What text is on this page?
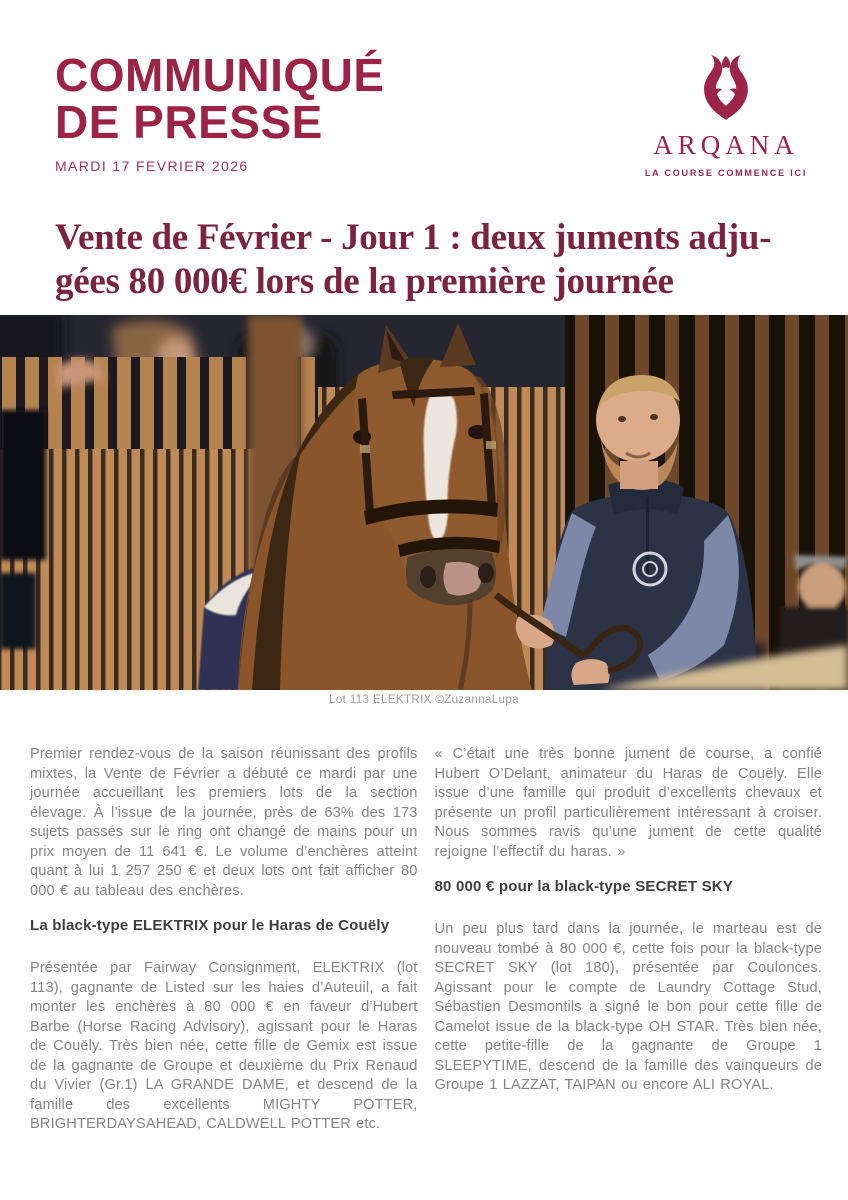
COMMUNIQUÉ
DE PRESSE
MARDI 17 FEVRIER 2026
ARQANA
LA COURSE COMMENCE ICI
Vente de Février - Jour 1 : deux juments adju-
gées 80 000€ lors de la première journée
Lot 113 ELEKTRIX ©ZuzannaLupa

Premier rendez-vous de la saison réunissant des profils mixtes, la Vente de Février a débuté ce mardi par une journée accueillant les premiers lots de la section élevage. À l’issue de la journée, près de 63% des 173 sujets passés sur le ring ont changé de mains pour un prix moyen de 11 641 €. Le volume d’enchères atteint quant à lui 1 257 250 € et deux lots ont fait afficher 80 000 € au tableau des enchères.

La black-type ELEKTRIX pour le Haras de Couëly

Présentée par Fairway Consignment, ELEKTRIX (lot 113), gagnante de Listed sur les haies d’Auteuil, a fait monter les enchères à 80 000 € en faveur d’Hubert Barbe (Horse Racing Advisory), agissant pour le Haras de Couëly. Très bien née, cette fille de Gemix est issue de la gagnante de Groupe et deuxième du Prix Renaud du Vivier (Gr.1) LA GRANDE DAME, et descend de la famille des excellents MIGHTY POTTER, BRIGHTERDAYSAHEAD, CALDWELL POTTER etc.

« C’était une très bonne jument de course, a confié Hubert O’Delant, animateur du Haras de Couëly. Elle issue d’une famille qui produit d’excellents chevaux et présente un profil particulièrement intéressant à croiser. Nous sommes ravis qu’une jument de cette qualité rejoigne l’effectif du haras. »

80 000 € pour la black-type SECRET SKY

Un peu plus tard dans la journée, le marteau est de nouveau tombé à 80 000 €, cette fois pour la black-type SECRET SKY (lot 180), présentée par Coulonces. Agissant pour le compte de Laundry Cottage Stud, Sébastien Desmontils a signé le bon pour cette fille de Camelot issue de la black-type OH STAR. Très bien née, cette petite-fille de la gagnante de Groupe 1 SLEEPYTIME, descend de la famille des vainqueurs de Groupe 1 LAZZAT, TAIPAN ou encore ALI ROYAL.
